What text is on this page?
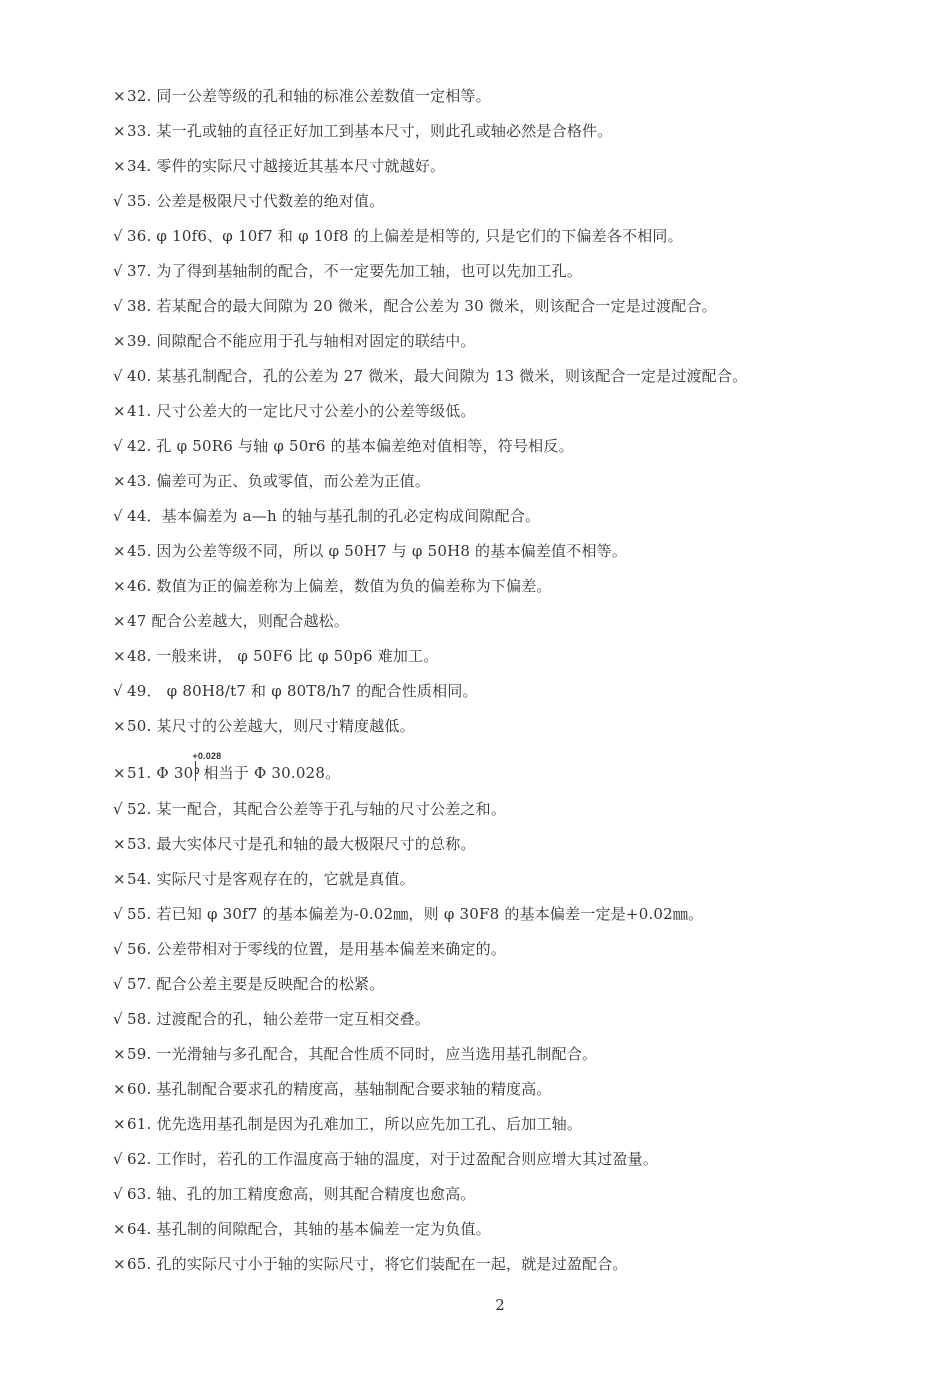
×32. 同一公差等级的孔和轴的标准公差数值一定相等。
×33. 某一孔或轴的直径正好加工到基本尺寸，则此孔或轴必然是合格件。
×34. 零件的实际尺寸越接近其基本尺寸就越好。
√ 35. 公差是极限尺寸代数差的绝对值。
√ 36. φ 10f6、φ 10f7 和 φ 10f8 的上偏差是相等的, 只是它们的下偏差各不相同。
√ 37. 为了得到基轴制的配合，不一定要先加工轴，也可以先加工孔。
√ 38. 若某配合的最大间隙为 20 微米，配合公差为 30 微米，则该配合一定是过渡配合。
×39. 间隙配合不能应用于孔与轴相对固定的联结中。
√ 40. 某基孔制配合，孔的公差为 27 微米，最大间隙为 13 微米，则该配合一定是过渡配合。
×41. 尺寸公差大的一定比尺寸公差小的公差等级低。
√ 42. 孔 φ 50R6 与轴 φ 50r6 的基本偏差绝对值相等，符号相反。
×43. 偏差可为正、负或零值，而公差为正值。
√ 44．基本偏差为 a—h 的轴与基孔制的孔必定构成间隙配合。
×45. 因为公差等级不同，所以 φ 50H7 与 φ 50H8 的基本偏差值不相等。
×46. 数值为正的偏差称为上偏差，数值为负的偏差称为下偏差。
×47 配合公差越大，则配合越松。
×48. 一般来讲， φ 50F6 比 φ 50p6 难加工。
√ 49． φ 80H8/t7 和 φ 80T8/h7 的配合性质相同。
×50. 某尺寸的公差越大，则尺寸精度越低。
×51. Φ 30
+0.028
0 相当于 Φ 30.028。
√ 52. 某一配合，其配合公差等于孔与轴的尺寸公差之和。
×53. 最大实体尺寸是孔和轴的最大极限尺寸的总称。
×54. 实际尺寸是客观存在的，它就是真值。
√ 55. 若已知 φ 30f7 的基本偏差为-0.02㎜，则 φ 30F8 的基本偏差一定是+0.02㎜。
√ 56. 公差带相对于零线的位置，是用基本偏差来确定的。
√ 57. 配合公差主要是反映配合的松紧。
√ 58. 过渡配合的孔，轴公差带一定互相交叠。
×59. 一光滑轴与多孔配合，其配合性质不同时，应当选用基孔制配合。
×60. 基孔制配合要求孔的精度高，基轴制配合要求轴的精度高。
×61. 优先选用基孔制是因为孔难加工，所以应先加工孔、后加工轴。
√ 62. 工作时，若孔的工作温度高于轴的温度，对于过盈配合则应增大其过盈量。
√ 63. 轴、孔的加工精度愈高，则其配合精度也愈高。
×64. 基孔制的间隙配合，其轴的基本偏差一定为负值。
×65. 孔的实际尺寸小于轴的实际尺寸，将它们装配在一起，就是过盈配合。
2
